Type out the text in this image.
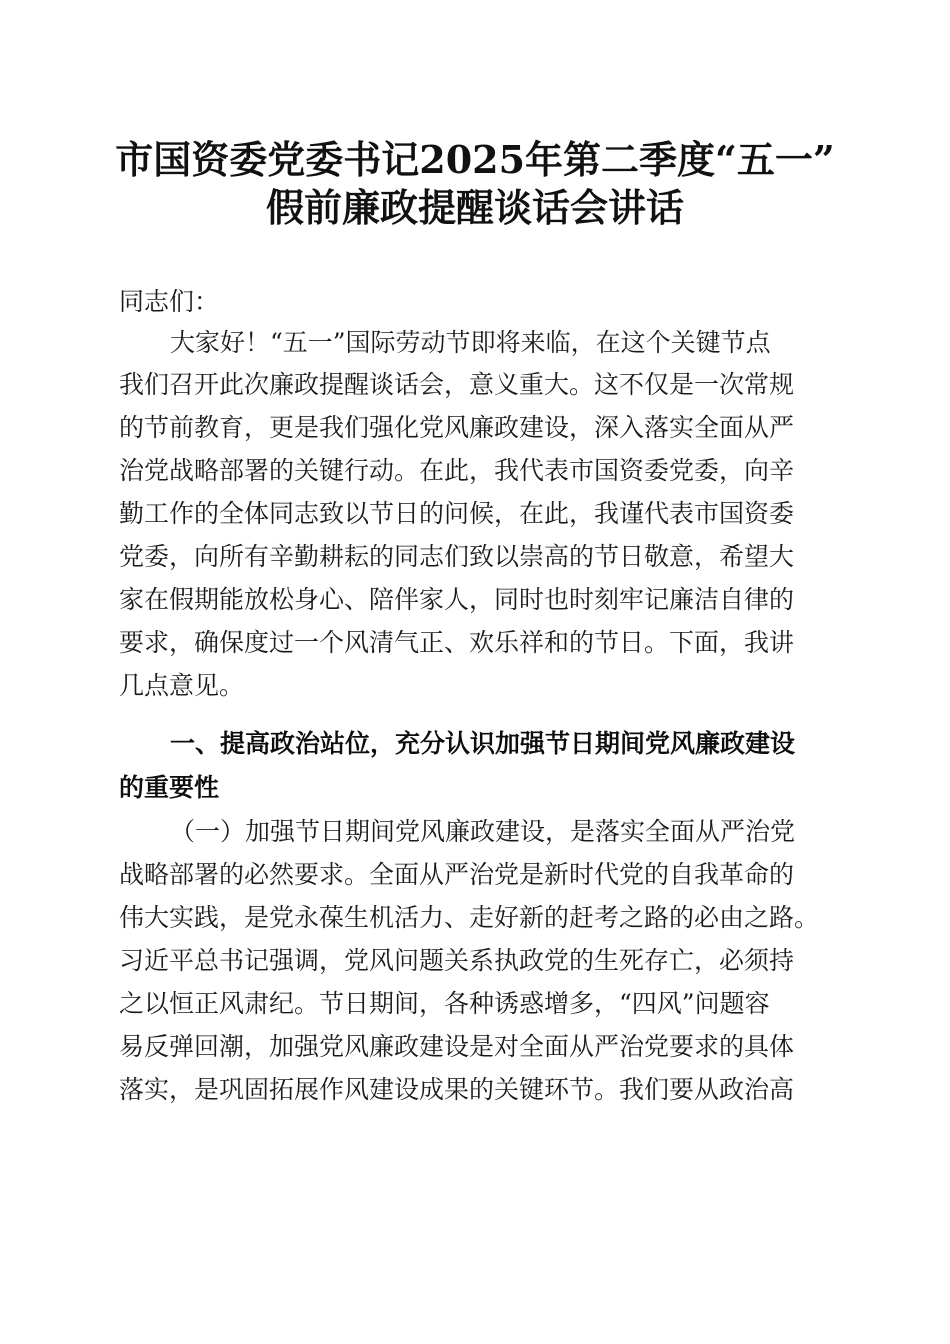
市国资委党委书记2025年第二季度“五一”
假前廉政提醒谈话会讲话
同志们：
大家好！“五一”国际劳动节即将来临，在这个关键节点
我们召开此次廉政提醒谈话会，意义重大。这不仅是一次常规
的节前教育，更是我们强化党风廉政建设，深入落实全面从严
治党战略部署的关键行动。在此，我代表市国资委党委，向辛
勤工作的全体同志致以节日的问候，在此，我谨代表市国资委
党委，向所有辛勤耕耘的同志们致以崇高的节日敬意，希望大
家在假期能放松身心、陪伴家人，同时也时刻牢记廉洁自律的
要求，确保度过一个风清气正、欢乐祥和的节日。下面，我讲
几点意见。
一、提高政治站位，充分认识加强节日期间党风廉政建设
的重要性
（一）加强节日期间党风廉政建设，是落实全面从严治党
战略部署的必然要求。全面从严治党是新时代党的自我革命的
伟大实践，是党永葆生机活力、走好新的赶考之路的必由之路。
习近平总书记强调，党风问题关系执政党的生死存亡，必须持
之以恒正风肃纪。节日期间，各种诱惑增多，“四风”问题容
易反弹回潮，加强党风廉政建设是对全面从严治党要求的具体
落实，是巩固拓展作风建设成果的关键环节。我们要从政治高
